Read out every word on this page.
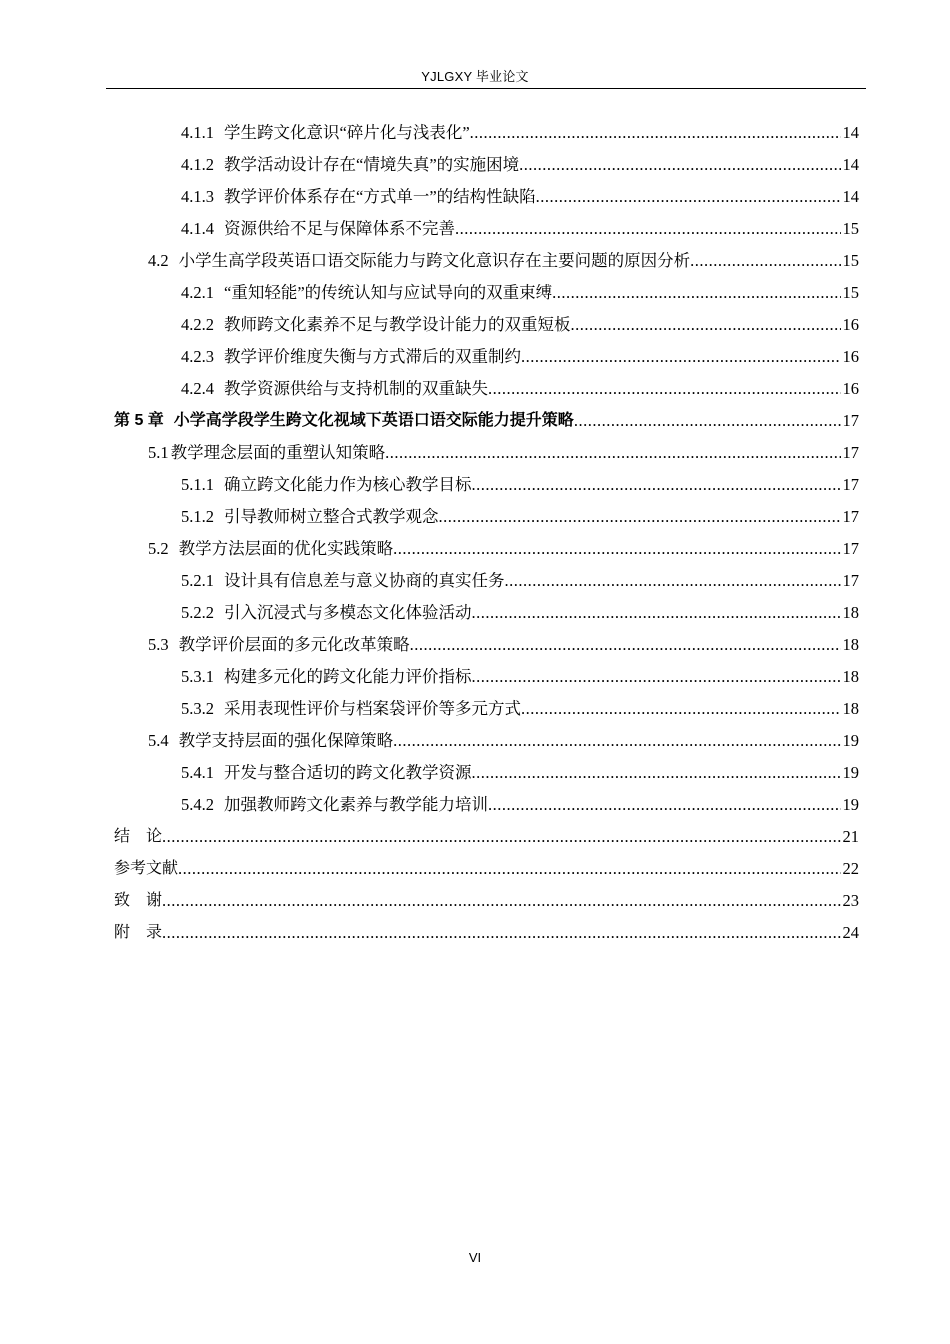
YJLGXY 毕业论文
4.1.1 学生跨文化意识“碎片化与浅表化” .....	14
4.1.2 教学活动设计存在“情境失真”的实施困境 .....	14
4.1.3 教学评价体系存在“方式单一”的结构性缺陷 .....	14
4.1.4 资源供给不足与保障体系不完善 .....	15
4.2 小学生高学段英语口语交际能力与跨文化意识存在主要问题的原因分析 .....	15
4.2.1 “重知轻能”的传统认知与应试导向的双重束缚 .....	15
4.2.2 教师跨文化素养不足与教学设计能力的双重短板 .....	16
4.2.3 教学评价维度失衡与方式滞后的双重制约 .....	16
4.2.4 教学资源供给与支持机制的双重缺失 .....	16
第 5 章 小学高学段学生跨文化视域下英语口语交际能力提升策略 .....	17
5.1 教学理念层面的重塑认知策略 .....	17
5.1.1 确立跨文化能力作为核心教学目标 .....	17
5.1.2 引导教师树立整合式教学观念 .....	17
5.2 教学方法层面的优化实践策略 .....	17
5.2.1 设计具有信息差与意义协商的真实任务 .....	17
5.2.2 引入沉浸式与多模态文化体验活动 .....	18
5.3 教学评价层面的多元化改革策略 .....	18
5.3.1 构建多元化的跨文化能力评价指标 .....	18
5.3.2 采用表现性评价与档案袋评价等多元方式 .....	18
5.4 教学支持层面的强化保障策略 .....	19
5.4.1 开发与整合适切的跨文化教学资源 .....	19
5.4.2 加强教师跨文化素养与教学能力培训 .....	19
结　论 .....	21
参考文献 .....	22
致　谢 .....	23
附　录 .....	24
VI
